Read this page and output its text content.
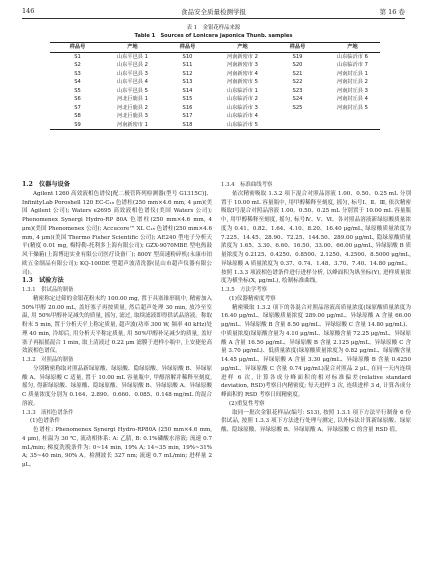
146	食品安全质量检测学报	第 16 卷
表 1　金银花样品来源
Table 1　Sources of Lonicera japonica Thunb. samples
样品号	产地	样品号	产地	样品号	产地
S1	山东平邑县 1	S10	河南新密市 2	S19	山东临沂市 6
S2	山东平邑县 2	S11	河南新密市 3	S20	山东临沂市 7
S3	山东平邑县 3	S12	河南新密市 4	S21	河南封丘县 1
S4	山东平邑县 4	S13	河南新密市 5	S22	河南封丘县 2
S5	山东平邑县 5	S14	山东临沂市 1	S23	河南封丘县 3
S6	河北巨鹿县 1	S15	山东临沂市 2	S24	河南封丘县 4
S7	河北巨鹿县 2	S16	山东临沂市 3	S25	河南封丘县 5
S8	河北巨鹿县 3	S17	山东临沂市 4		
S9	河南新密市 1	S18	山东临沂市 5		

1.2　仪器与设备

Agilent 1260 高效液相色谱仪[配二极管阵列检测器(型号 G1315C)]、InfinityLab Poroshell 120 EC-C₁₈ 色谱柱(250 mm×4.6 mm, 4 μm)(美国 Agilent 公司); Waters e2695 高效液相色谱仪(美国 Waters 公司); Phenomenex Synergi Hydro-RP 80A 色谱柱(250 mm×4.6 mm, 4 μm)(美国 Phenomenex 公司); Accucore™ XL C₁₈ 色谱柱(250 mm×4.6 mm, 4 μm)(美国 Thermo Fisher Scientific 公司); AE240 型电子分析天平(精度 0.01 mg, 梅特勒-托利多上海有限公司); GZX-9070MBE 型电热鼓风干燥箱(上海博迅实业有限公司医疗设备厂); 800Y 型高速粉碎机(永康市铂欧五金制品有限公司); KQ-100DE 型超声波清洗器(昆山市超声仪器有限公司)。

1.3　试验方法

1.3.1　供试品的制备

精密称定过筛的金银花粉末约 100.00 mg, 置于具塞锥形瓶中, 精密加入 50%甲醇 20.00 mL, 盖好塞子再按质量, 然后超声处理 30 min, 放冷至室温, 用 50%甲醇补足减失的质量, 摇匀, 滤过, 取续滤液即得供试品溶液。称取粉末 5 min, 置于分析天平上称定质量, 超声波(功率 300 W, 频率 40 kHz)处理 40 min, 冷却后, 用分析天平称定质量, 用 50%甲醇补足减少的质量, 盖好塞子再振摇混合 1 min, 取上清液过 0.22 μm 滤膜于进样小瓶中, 上安捷伦高效液相色谱仪。

1.3.2　对照品的制备

分别精密称取对照品新绿原酸、绿原酸、隐绿原酸、异绿原酸 B、异绿原酸 A、异绿原酸 C 适量, 置于 10.00 mL 容量瓶中, 甲醇溶解并稀释至刻度, 摇匀, 得新绿原酸、绿原酸、隐绿原酸、异绿原酸 B、异绿原酸 A、异绿原酸 C 质量浓度分别为 0.164、2.890、0.660、0.085、0.148 mg/mL 的混合溶液。

1.3.3　液相色谱条件

(1)色谱条件

色谱柱: Phenomenex Synergi Hydro-RP80A (250 mm×4.6 mm, 4 μm), 柱温为 30 ℃, 流动相体系: A: 乙腈, B: 0.1%磷酸水溶液; 流速 0.7 mL/min; 梯度洗脱条件为: 0~14 min, 19% A; 14~35 min, 19%~31% A; 35~40 min, 90% A。检测波长 327 nm; 流速 0.7 mL/min; 进样量 2 μL。

1.3.4　标准曲线考察

依次精密吸取 1.3.2 项下混合对照品溶液 1.00、0.50、0.25 mL 分别置于 10.00 mL 容量瓶中, 用甲醇稀释至刻度, 摇匀, 标号Ⅰ、Ⅱ、Ⅲ, 依次精密吸取Ⅰ号混合对照品溶液 1.00、0.50、0.25 mL 分别置于 10.00 mL 容量瓶中, 用甲醇稀释至刻度, 摇匀, 标号Ⅳ、Ⅴ、Ⅵ。各对照品溶液新绿原酸质量浓度为 0.41、0.82、1.64、4.10、8.20、16.40 μg/mL, 绿原酸质量浓度为 7.225、14.45、28.90、72.25、144.50、289.00 μg/mL, 隐绿原酸质量浓度为 1.65、3.30、6.60、16.50、33.00、66.00 μg/mL, 异绿原酸 B 质量浓度为 0.2125、0.4250、0.8500、2.1250、4.2500、8.5000 μg/mL, 异绿原酸 A 质量浓度为 0.37、0.74、1.48、3.70、7.40、14.80 μg/mL。按照 1.3.3 项液相色谱条件进行进样分析, 以峰面积为纵坐标(Y), 进样质量浓度为横坐标(X, μg/mL), 绘制标准曲线。

1.3.5　方法学考察

(1)仪器精密度考察

精密吸取 1.3.2 项下的各混合对照品溶液高质量浓度(绿原酸质量浓度为 16.40 μg/mL、绿原酸质量浓度 289.00 μg/mL、异绿原酸 A 含量 66.00 μg/mL、异绿原酸 B 含量 8.50 μg/mL、异绿原酸 C 含量 14.80 μg/mL)、中质量浓度(绿原酸含量为 4.10 μg/mL、绿原酸含量 72.25 μg/mL、异绿原酸 A 含量 16.50 μg/mL、异绿原酸 B 含量 2.125 μg/mL、异绿原酸 C 含量 3.70 μg/mL)、低质量浓度(绿原酸质量浓度为 0.82 μg/mL、绿原酸含量 14.45 μg/mL、异绿原酸 A 含量 3.30 μg/mL、异绿原酸 B 含量 0.4250 μg/mL、异绿原酸 C 含量 0.74 μg/mL)混合对照品 2 μL, 在同一天内连续进样 6 次, 计算各成分峰面积的相对标准偏差(relative standard deviation, RSD)考察日内精密度; 每天进样 3 次, 连续进样 3 d, 计算各成分峰面积的 RSD 考察日间精密度。

(2)重复性考察

取同一批次金银花样品(编号: S13), 按照 1.3.1 项下方法平行制备 6 份供试品, 按照 1.3.3 项下方法进行处理与测定, 以外标法计算新绿原酸、绿原酸、隐绿原酸、异绿原酸 B、异绿原酸 A、异绿原酸 C 的含量 RSD 值。
